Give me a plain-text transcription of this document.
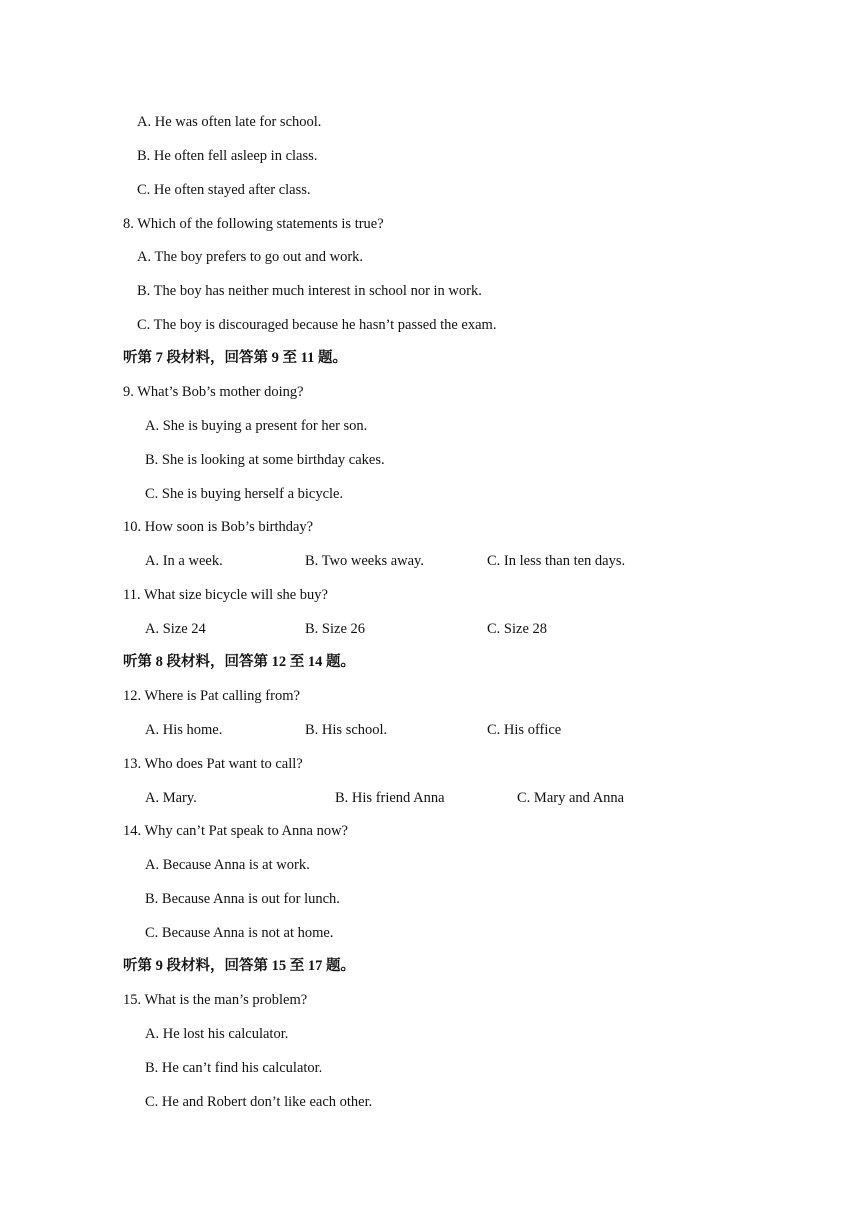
A. He was often late for school.
B. He often fell asleep in class.
C. He often stayed after class.
8. Which of the following statements is true?
A. The boy prefers to go out and work.
B. The boy has neither much interest in school nor in work.
C. The boy is discouraged because he hasn’t passed the exam.
听第 7 段材料，回答第 9 至 11 题。
9. What’s Bob’s mother doing?
A. She is buying a present for her son.
B. She is looking at some birthday cakes.
C. She is buying herself a bicycle.
10. How soon is Bob’s birthday?
A. In a week.	B. Two weeks away.	C. In less than ten days.
11. What size bicycle will she buy?
A. Size 24	B. Size 26	C. Size 28
听第 8 段材料，回答第 12 至 14 题。
12. Where is Pat calling from?
A. His home.	B. His school.	C. His office
13. Who does Pat want to call?
A. Mary.	B. His friend Anna	C. Mary and Anna
14. Why can’t Pat speak to Anna now?
A. Because Anna is at work.
B. Because Anna is out for lunch.
C. Because Anna is not at home.
听第 9 段材料，回答第 15 至 17 题。
15. What is the man’s problem?
A. He lost his calculator.
B. He can’t find his calculator.
C. He and Robert don’t like each other.
